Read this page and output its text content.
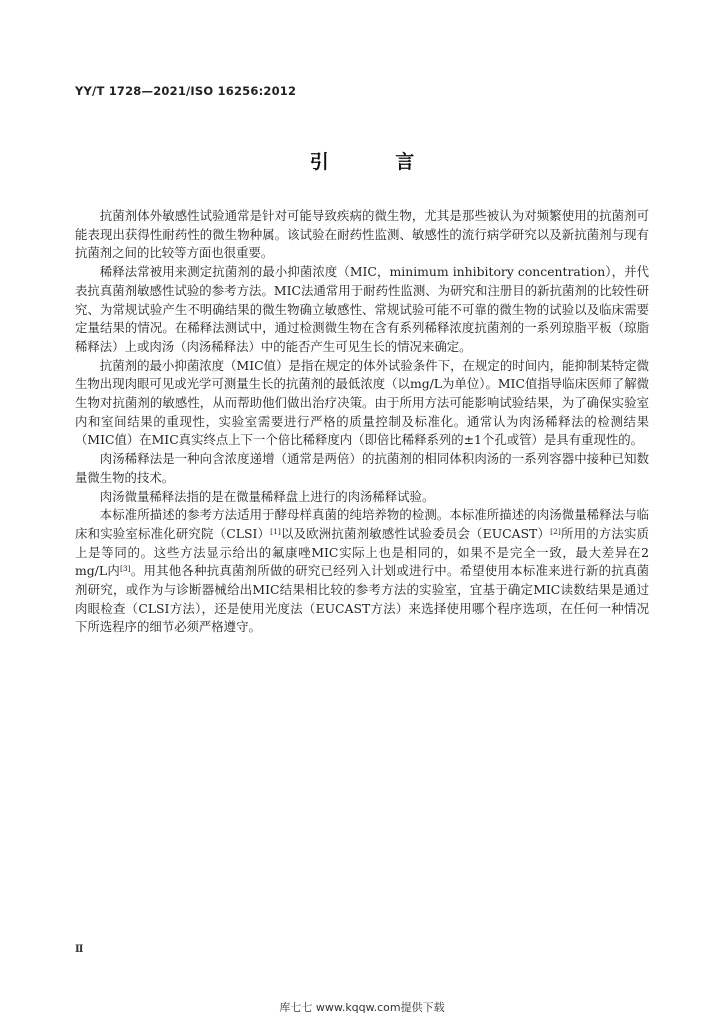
YY/T 1728—2021/ISO 16256:2012
引 言

抗菌剂体外敏感性试验通常是针对可能导致疾病的微生物，尤其是那些被认为对频繁使用的抗菌剂可能表现出获得性耐药性的微生物种属。该试验在耐药性监测、敏感性的流行病学研究以及新抗菌剂与现有抗菌剂之间的比较等方面也很重要。

稀释法常被用来测定抗菌剂的最小抑菌浓度（MIC，minimum inhibitory concentration），并代表抗真菌剂敏感性试验的参考方法。MIC法通常用于耐药性监测、为研究和注册目的新抗菌剂的比较性研究、为常规试验产生不明确结果的微生物确立敏感性、常规试验可能不可靠的微生物的试验以及临床需要定量结果的情况。在稀释法测试中，通过检测微生物在含有系列稀释浓度抗菌剂的一系列琼脂平板（琼脂稀释法）上或肉汤（肉汤稀释法）中的能否产生可见生长的情况来确定。

抗菌剂的最小抑菌浓度（MIC值）是指在规定的体外试验条件下，在规定的时间内，能抑制某特定微生物出现肉眼可见或光学可测量生长的抗菌剂的最低浓度（以mg/L为单位）。MIC值指导临床医师了解微生物对抗菌剂的敏感性，从而帮助他们做出治疗决策。由于所用方法可能影响试验结果，为了确保实验室内和室间结果的重现性，实验室需要进行严格的质量控制及标准化。通常认为肉汤稀释法的检测结果（MIC值）在MIC真实终点上下一个倍比稀释度内（即倍比稀释系列的±1个孔或管）是具有重现性的。

肉汤稀释法是一种向含浓度递增（通常是两倍）的抗菌剂的相同体积肉汤的一系列容器中接种已知数量微生物的技术。

肉汤微量稀释法指的是在微量稀释盘上进行的肉汤稀释试验。

本标准所描述的参考方法适用于酵母样真菌的纯培养物的检测。本标准所描述的肉汤微量稀释法与临床和实验室标准化研究院（CLSI）[1]以及欧洲抗菌剂敏感性试验委员会（EUCAST）[2]所用的方法实质上是等同的。这些方法显示给出的氟康唑MIC实际上也是相同的，如果不是完全一致，最大差异在2 mg/L内[3]。用其他各种抗真菌剂所做的研究已经列入计划或进行中。希望使用本标准来进行新的抗真菌剂研究，或作为与诊断器械给出MIC结果相比较的参考方法的实验室，宜基于确定MIC读数结果是通过肉眼检查（CLSI方法），还是使用光度法（EUCAST方法）来选择使用哪个程序选项，在任何一种情况下所选程序的细节必须严格遵守。

Ⅱ
库七七 www.kqqw.com提供下载
